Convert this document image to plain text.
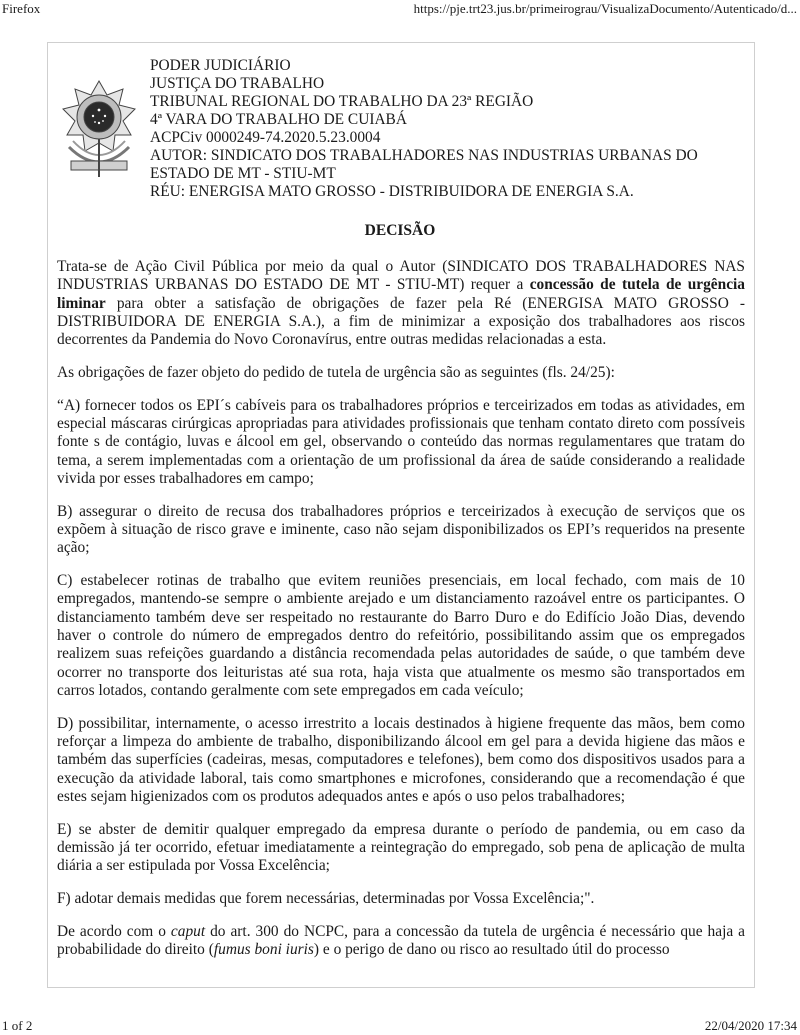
Firefox	https://pje.trt23.jus.br/primeirograu/VisualizaDocumento/Autenticado/d...
PODER JUDICIÁRIO
JUSTIÇA DO TRABALHO
TRIBUNAL REGIONAL DO TRABALHO DA 23ª REGIÃO
4ª VARA DO TRABALHO DE CUIABÁ
ACPCiv 0000249-74.2020.5.23.0004
AUTOR: SINDICATO DOS TRABALHADORES NAS INDUSTRIAS URBANAS DO
ESTADO DE MT - STIU-MT
RÉU: ENERGISA MATO GROSSO - DISTRIBUIDORA DE ENERGIA S.A.
DECISÃO

Trata-se de Ação Civil Pública por meio da qual o Autor (SINDICATO DOS TRABALHADORES NAS INDUSTRIAS URBANAS DO ESTADO DE MT - STIU-MT) requer a concessão de tutela de urgência liminar para obter a satisfação de obrigações de fazer pela Ré (ENERGISA MATO GROSSO - DISTRIBUIDORA DE ENERGIA S.A.), a fim de minimizar a exposição dos trabalhadores aos riscos decorrentes da Pandemia do Novo Coronavírus, entre outras medidas relacionadas a esta.

As obrigações de fazer objeto do pedido de tutela de urgência são as seguintes (fls. 24/25):

“A) fornecer todos os EPI´s cabíveis para os trabalhadores próprios e terceirizados em todas as atividades, em especial máscaras cirúrgicas apropriadas para atividades profissionais que tenham contato direto com possíveis fonte s de contágio, luvas e álcool em gel, observando o conteúdo das normas regulamentares que tratam do tema, a serem implementadas com a orientação de um profissional da área de saúde considerando a realidade vivida por esses trabalhadores em campo;

B) assegurar o direito de recusa dos trabalhadores próprios e terceirizados à execução de serviços que os expõem à situação de risco grave e iminente, caso não sejam disponibilizados os EPI’s requeridos na presente ação;

C) estabelecer rotinas de trabalho que evitem reuniões presenciais, em local fechado, com mais de 10 empregados, mantendo-se sempre o ambiente arejado e um distanciamento razoável entre os participantes. O distanciamento também deve ser respeitado no restaurante do Barro Duro e do Edifício João Dias, devendo haver o controle do número de empregados dentro do refeitório, possibilitando assim que os empregados realizem suas refeições guardando a distância recomendada pelas autoridades de saúde, o que também deve ocorrer no transporte dos leituristas até sua rota, haja vista que atualmente os mesmo são transportados em carros lotados, contando geralmente com sete empregados em cada veículo;

D) possibilitar, internamente, o acesso irrestrito a locais destinados à higiene frequente das mãos, bem como reforçar a limpeza do ambiente de trabalho, disponibilizando álcool em gel para a devida higiene das mãos e também das superfícies (cadeiras, mesas, computadores e telefones), bem como dos dispositivos usados para a execução da atividade laboral, tais como smartphones e microfones, considerando que a recomendação é que estes sejam higienizados com os produtos adequados antes e após o uso pelos trabalhadores;

E) se abster de demitir qualquer empregado da empresa durante o período de pandemia, ou em caso da demissão já ter ocorrido, efetuar imediatamente a reintegração do empregado, sob pena de aplicação de multa diária a ser estipulada por Vossa Excelência;

F) adotar demais medidas que forem necessárias, determinadas por Vossa Excelência;".

De acordo com o caput do art. 300 do NCPC, para a concessão da tutela de urgência é necessário que haja a probabilidade do direito (fumus boni iuris) e o perigo de dano ou risco ao resultado útil do processo

1 of 2	22/04/2020 17:34
